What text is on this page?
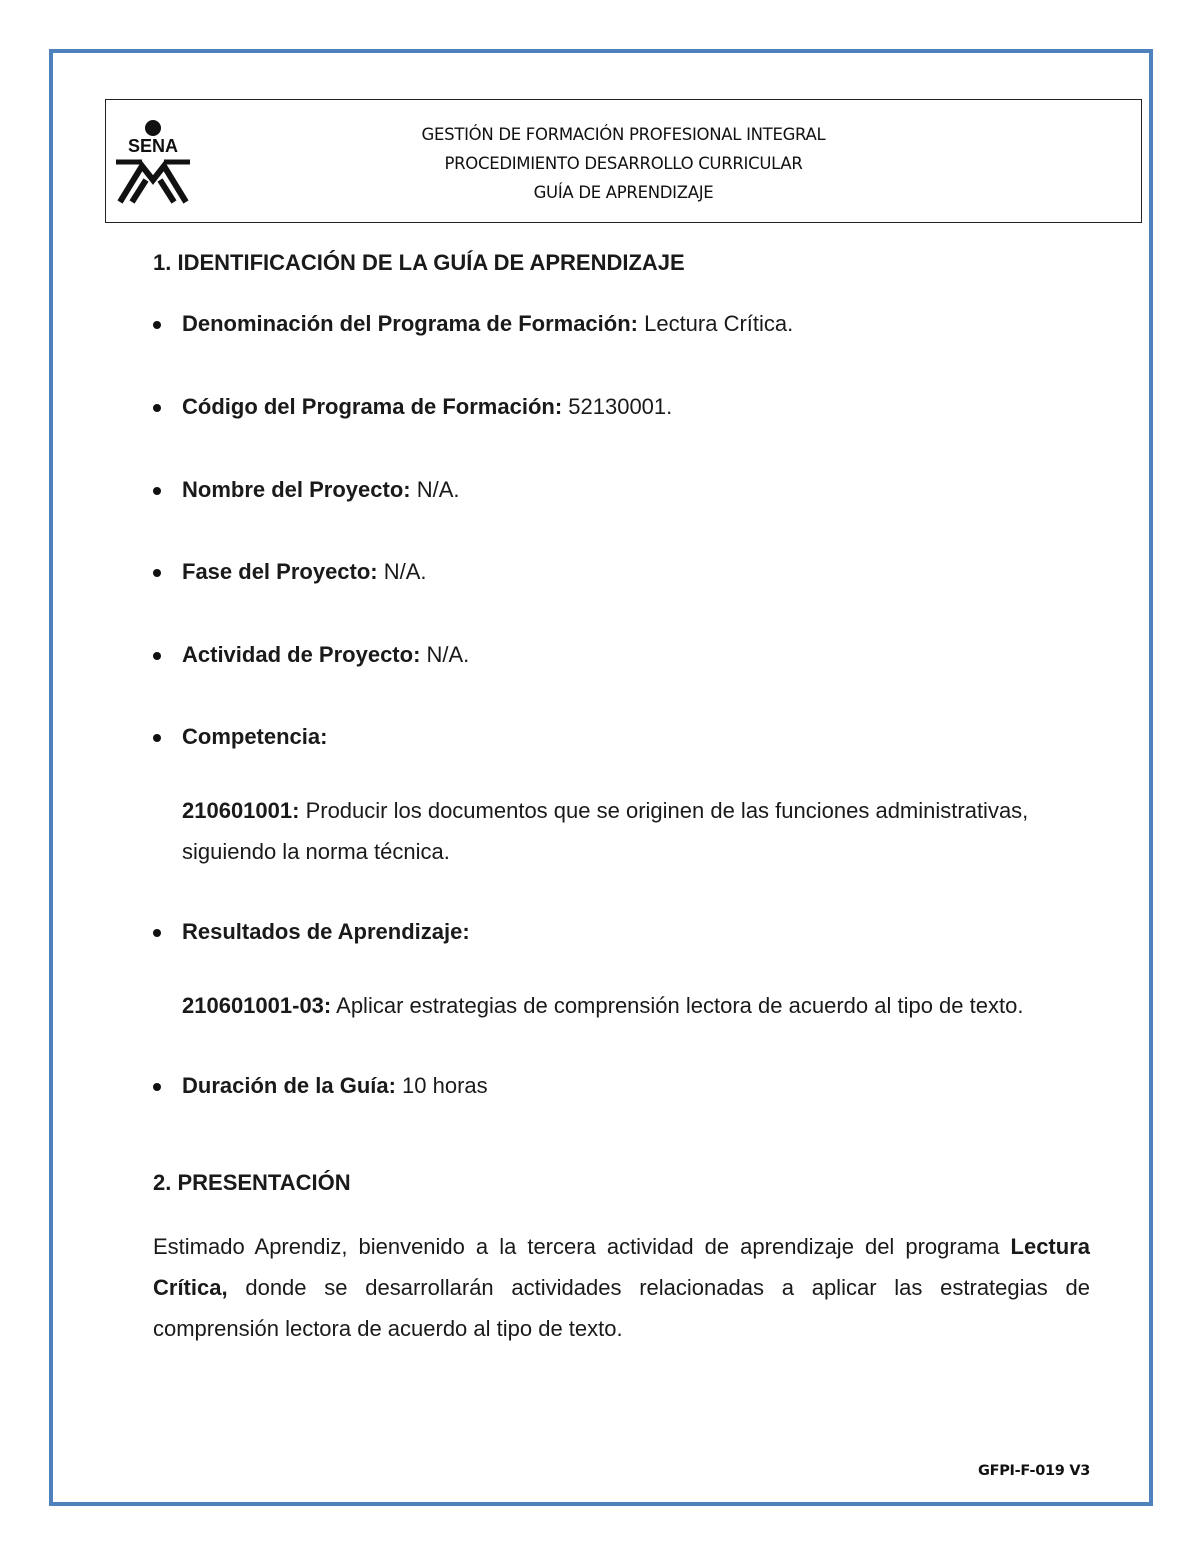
SENA
GESTIÓN DE FORMACIÓN PROFESIONAL INTEGRAL
PROCEDIMIENTO DESARROLLO CURRICULAR
GUÍA DE APRENDIZAJE
1. IDENTIFICACIÓN DE LA GUÍA DE APRENDIZAJE
Denominación del Programa de Formación: Lectura Crítica.
Código del Programa de Formación: 52130001.
Nombre del Proyecto: N/A.
Fase del Proyecto: N/A.
Actividad de Proyecto: N/A.
Competencia:
210601001: Producir los documentos que se originen de las funciones administrativas, siguiendo la norma técnica.
Resultados de Aprendizaje:
210601001-03: Aplicar estrategias de comprensión lectora de acuerdo al tipo de texto.
Duración de la Guía: 10 horas
2. PRESENTACIÓN
Estimado Aprendiz, bienvenido a la tercera actividad de aprendizaje del programa Lectura Crítica, donde se desarrollarán actividades relacionadas a aplicar las estrategias de comprensión lectora de acuerdo al tipo de texto.
GFPI-F-019 V3
